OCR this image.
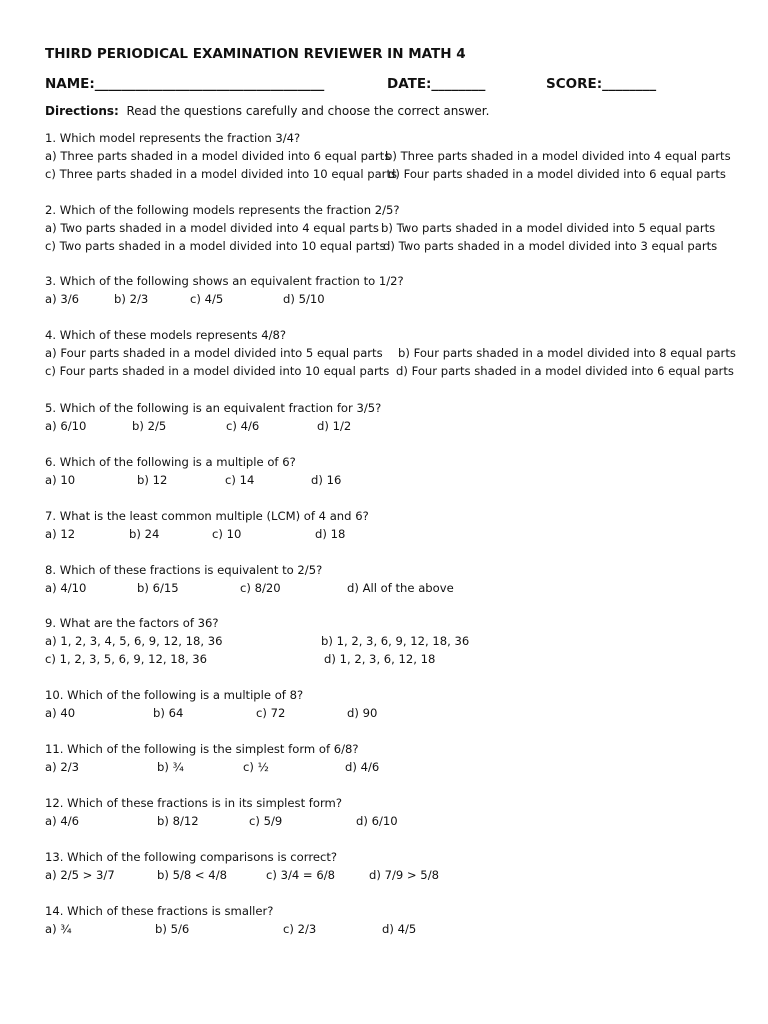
THIRD PERIODICAL EXAMINATION REVIEWER IN MATH 4
NAME:__________________________________	DATE:________	SCORE:________
Directions: Read the questions carefully and choose the correct answer.
1. Which model represents the fraction 3/4?
a) Three parts shaded in a model divided into 6 equal parts
b) Three parts shaded in a model divided into 4 equal parts
c) Three parts shaded in a model divided into 10 equal parts
d) Four parts shaded in a model divided into 6 equal parts
2. Which of the following models represents the fraction 2/5?
a) Two parts shaded in a model divided into 4 equal parts b) Two parts shaded in a model divided into 5 equal parts
c) Two parts shaded in a model divided into 10 equal parts
d) Two parts shaded in a model divided into 3 equal parts
3. Which of the following shows an equivalent fraction to 1/2?
a) 3/6	b) 2/3	c) 4/5	d) 5/10
4. Which of these models represents 4/8?
a) Four parts shaded in a model divided into 5 equal parts b) Four parts shaded in a model divided into 8 equal parts
c) Four parts shaded in a model divided into 10 equal parts d) Four parts shaded in a model divided into 6 equal parts
5. Which of the following is an equivalent fraction for 3/5?
a) 6/10	b) 2/5	c) 4/6	d) 1/2
6. Which of the following is a multiple of 6?
a) 10	b) 12	c) 14	d) 16
7. What is the least common multiple (LCM) of 4 and 6?
a) 12	b) 24	c) 10	d) 18
8. Which of these fractions is equivalent to 2/5?
a) 4/10	b) 6/15	c) 8/20	d) All of the above
9. What are the factors of 36?
a) 1, 2, 3, 4, 5, 6, 9, 12, 18, 36	b) 1, 2, 3, 6, 9, 12, 18, 36
c) 1, 2, 3, 5, 6, 9, 12, 18, 36	d) 1, 2, 3, 6, 12, 18
10. Which of the following is a multiple of 8?
a) 40	b) 64	c) 72	d) 90
11. Which of the following is the simplest form of 6/8?
a) 2/3	b) ¾	c) ½	d) 4/6
12. Which of these fractions is in its simplest form?
a) 4/6	b) 8/12	c) 5/9	d) 6/10
13. Which of the following comparisons is correct?
a) 2/5 > 3/7	b) 5/8 < 4/8	c) 3/4 = 6/8	d) 7/9 > 5/8
14. Which of these fractions is smaller?
a) ¾	b) 5/6	c) 2/3	d) 4/5
